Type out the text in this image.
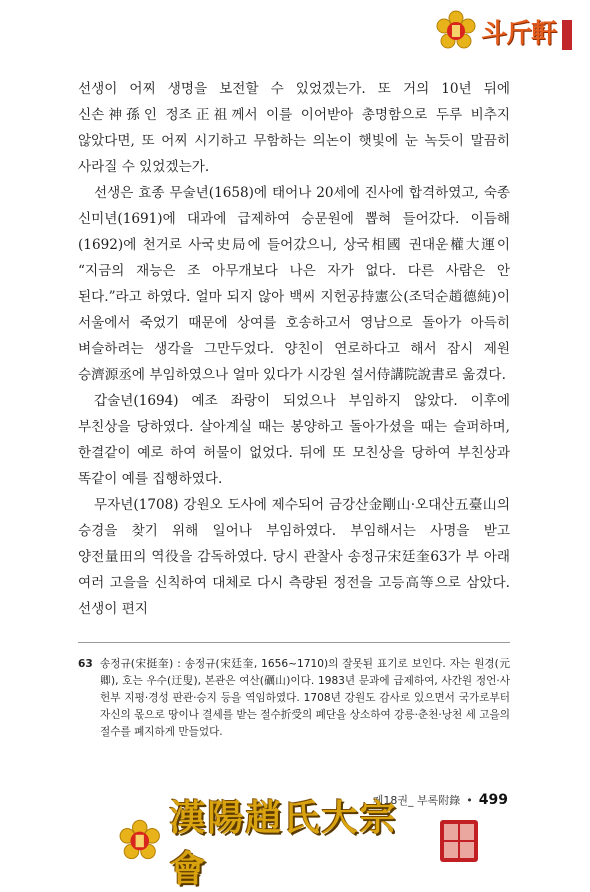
斗斤軒

선생이 어찌 생명을 보전할 수 있었겠는가. 또 거의 10년 뒤에 신손神孫인 정조正祖께서 이를 이어받아 총명함으로 두루 비추지 않았다면, 또 어찌 시기하고 무함하는 의논이 햇빛에 눈 녹듯이 말끔히 사라질 수 있었겠는가.

선생은 효종 무술년(1658)에 태어나 20세에 진사에 합격하였고, 숙종 신미년(1691)에 대과에 급제하여 승문원에 뽑혀 들어갔다. 이듬해(1692)에 천거로 사국史局에 들어갔으니, 상국相國 권대운權大運이 “지금의 재능은 조 아무개보다 나은 자가 없다. 다른 사람은 안 된다.”라고 하였다. 얼마 되지 않아 백씨 지헌공持憲公(조덕순趙德純)이 서울에서 죽었기 때문에 상여를 호송하고서 영남으로 돌아가 아득히 벼슬하려는 생각을 그만두었다. 양친이 연로하다고 해서 잠시 제원 승濟源丞에 부임하였으나 얼마 있다가 시강원 설서侍講院說書로 옮겼다.

갑술년(1694) 예조 좌랑이 되었으나 부임하지 않았다. 이후에 부친상을 당하였다. 살아계실 때는 봉양하고 돌아가셨을 때는 슬퍼하며, 한결같이 예로 하여 허물이 없었다. 뒤에 또 모친상을 당하여 부친상과 똑같이 예를 집행하였다.

무자년(1708) 강원오 도사에 제수되어 금강산金剛山·오대산五臺山의 승경을 찾기 위해 일어나 부임하였다. 부임해서는 사명을 받고 양전量田의 역役을 감독하였다. 당시 관찰사 송정규宋廷奎63가 부 아래 여러 고을을 신칙하여 대체로 다시 측량된 정전을 고등高等으로 삼았다. 선생이 편지

63 송정규(宋挺奎) : 송정규(宋廷奎, 1656~1710)의 잘못된 표기로 보인다. 자는 원경(元卿), 호는 우수(迂叟), 본관은 여산(礪山)이다. 1983년 문과에 급제하여, 사간원 정언·사헌부 지평·경성 판관·승지 등을 역임하였다. 1708년 강원도 감사로 있으면서 국가로부터 자신의 몫으로 땅이나 결세를 받는 절수折受의 폐단을 상소하여 강릉·춘천·낭천 세 고을의 절수를 폐지하게 만들었다.
제18권_ 부록附錄 • 499
漢陽趙氏大宗會
